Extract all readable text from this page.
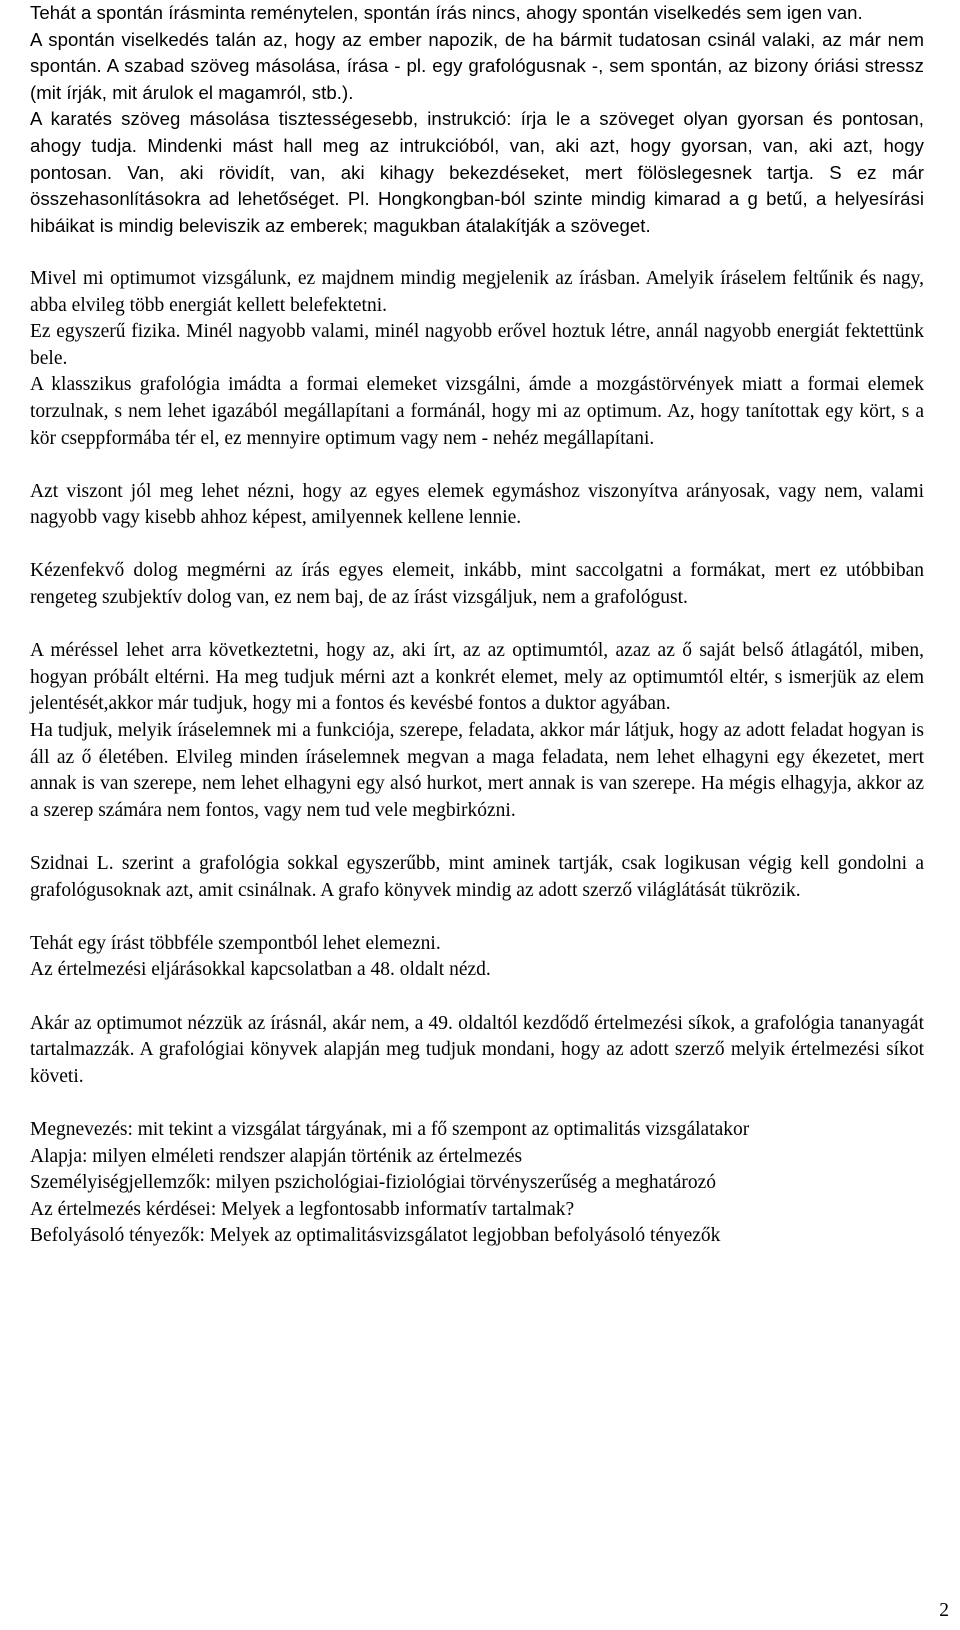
Tehát a spontán írásminta reménytelen, spontán írás nincs, ahogy spontán viselkedés sem igen van.

A spontán viselkedés talán az, hogy az ember napozik, de ha bármit tudatosan csinál valaki, az már nem spontán. A szabad szöveg másolása, írása - pl. egy grafológusnak -, sem spontán, az bizony óriási stressz (mit írják, mit árulok el magamról, stb.).

A karatés szöveg másolása tisztességesebb, instrukció: írja le a szöveget olyan gyorsan és pontosan, ahogy tudja. Mindenki mást hall meg az intrukcióból, van, aki azt, hogy gyorsan, van, aki azt, hogy pontosan. Van, aki rövidít, van, aki kihagy bekezdéseket, mert fölöslegesnek tartja. S ez már összehasonlításokra ad lehetőséget. Pl. Hongkongban-ból szinte mindig kimarad a g betű, a helyesírási hibáikat is mindig beleviszik az emberek; magukban átalakítják a szöveget.

Mivel mi optimumot vizsgálunk, ez majdnem mindig megjelenik az írásban. Amelyik íráselem feltűnik és nagy, abba elvileg több energiát kellett belefektetni.

Ez egyszerű fizika. Minél nagyobb valami, minél nagyobb erővel hoztuk létre, annál nagyobb energiát fektettünk bele.

A klasszikus grafológia imádta a formai elemeket vizsgálni, ámde a mozgástörvények miatt a formai elemek torzulnak, s nem lehet igazából megállapítani a formánál, hogy mi az optimum. Az, hogy tanítottak egy kört, s a kör cseppformába tér el, ez mennyire optimum vagy nem - nehéz megállapítani.

Azt viszont jól meg lehet nézni, hogy az egyes elemek egymáshoz viszonyítva arányosak, vagy nem, valami nagyobb vagy kisebb ahhoz képest, amilyennek kellene lennie.

Kézenfekvő dolog megmérni az írás egyes elemeit, inkább, mint saccolgatni a formákat, mert ez utóbbiban rengeteg szubjektív dolog van, ez nem baj, de az írást vizsgáljuk, nem a grafológust.

A méréssel lehet arra következtetni, hogy az, aki írt, az az optimumtól, azaz az ő saját belső átlagától, miben, hogyan próbált eltérni. Ha meg tudjuk mérni azt a konkrét elemet, mely az optimumtól eltér, s ismerjük az elem jelentését,akkor már tudjuk, hogy mi a fontos és kevésbé fontos a duktor agyában.

Ha tudjuk, melyik íráselemnek mi a funkciója, szerepe, feladata, akkor már látjuk, hogy az adott feladat hogyan is áll az ő életében. Elvileg minden íráselemnek megvan a maga feladata, nem lehet elhagyni egy ékezetet, mert annak is van szerepe, nem lehet elhagyni egy alsó hurkot, mert annak is van szerepe. Ha mégis elhagyja, akkor az a szerep számára nem fontos, vagy nem tud vele megbirkózni.

Szidnai L. szerint a grafológia sokkal egyszerűbb, mint aminek tartják, csak logikusan végig kell gondolni a grafológusoknak azt, amit csinálnak. A grafo könyvek mindig az adott szerző világlátását tükrözik.

Tehát egy írást többféle szempontból lehet elemezni.

Az értelmezési eljárásokkal kapcsolatban a 48. oldalt nézd.

Akár az optimumot nézzük az írásnál, akár nem, a 49. oldaltól kezdődő értelmezési síkok, a grafológia tananyagát tartalmazzák. A grafológiai könyvek alapján meg tudjuk mondani, hogy az adott szerző melyik értelmezési síkot követi.

Megnevezés: mit tekint a vizsgálat tárgyának, mi a fő szempont az optimalitás vizsgálatakor

Alapja: milyen elméleti rendszer alapján történik az értelmezés

Személyiségjellemzők: milyen pszichológiai-fiziológiai törvényszerűség a meghatározó

Az értelmezés kérdései: Melyek a legfontosabb informatív tartalmak?

Befolyásoló tényezők: Melyek az optimalitásvizsgálatot legjobban befolyásoló tényezők

2
